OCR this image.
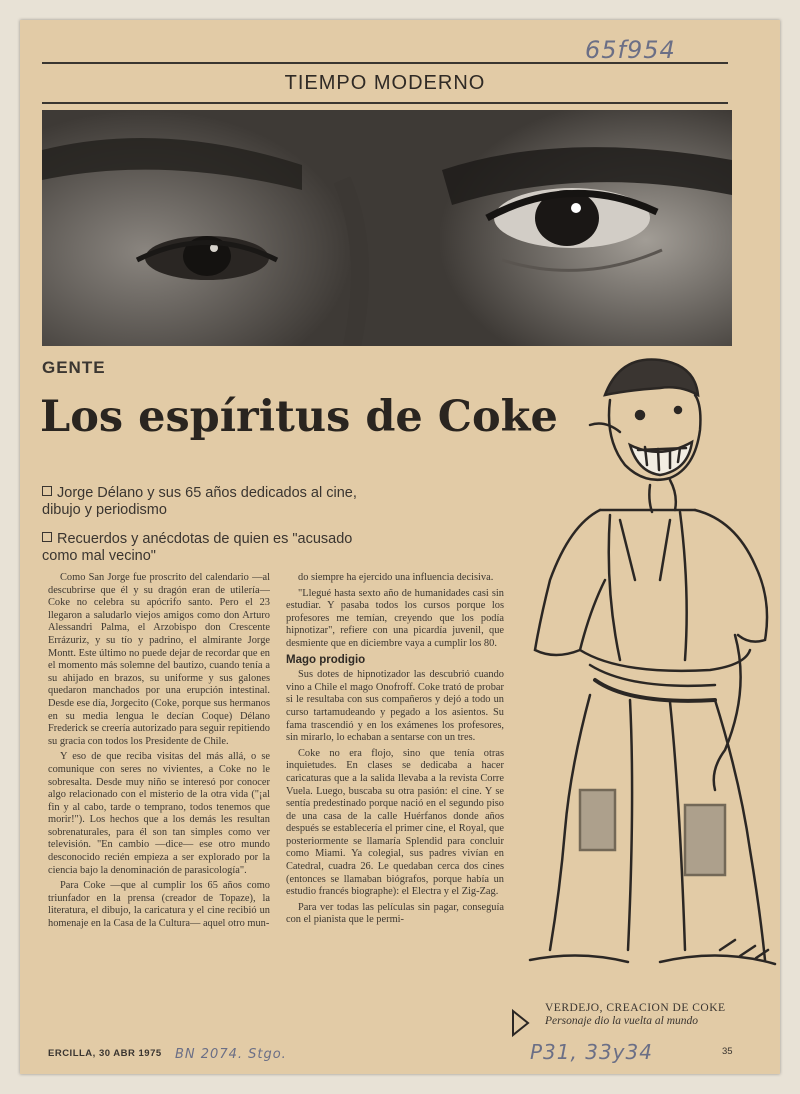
65f954
TIEMPO MODERNO
GENTE
Los espíritus de Coke
Jorge Délano y sus 65 años dedicados al cine, dibujo y periodismo
Recuerdos y anécdotas de quien es "acusado como mal vecino"

Como San Jorge fue proscrito del calendario —al descubrirse que él y su dragón eran de utilería— Coke no celebra su apócrifo santo. Pero el 23 llegaron a saludarlo viejos amigos como don Arturo Alessandri Palma, el Arzobispo don Crescente Errázuriz, y su tío y padrino, el almirante Jorge Montt. Este último no puede dejar de recordar que en el momento más solemne del bautizo, cuando tenía a su ahijado en brazos, su uniforme y sus galones quedaron manchados por una erupción intestinal. Desde ese día, Jorgecito (Coke, porque sus hermanos en su media lengua le decían Coque) Délano Frederick se creería autorizado para seguir repitiendo su gracia con todos los Presidente de Chile.

Y eso de que reciba visitas del más allá, o se comunique con seres no vivientes, a Coke no le sobresalta. Desde muy niño se interesó por conocer algo relacionado con el misterio de la otra vida ("¡al fin y al cabo, tarde o temprano, todos tenemos que morir!"). Los hechos que a los demás les resultan sobrenaturales, para él son tan simples como ver televisión. "En cambio —dice— ese otro mundo desconocido recién empieza a ser explorado por la ciencia bajo la denominación de parasicología".

Para Coke —que al cumplir los 65 años como triunfador en la prensa (creador de Topaze), la literatura, el dibujo, la caricatura y el cine recibió un homenaje en la Casa de la Cultura— aquel otro mun-

do siempre ha ejercido una influencia decisiva.

"Llegué hasta sexto año de humanidades casi sin estudiar. Y pasaba todos los cursos porque los profesores me temían, creyendo que los podía hipnotizar", refiere con una picardía juvenil, que desmiente que en diciembre vaya a cumplir los 80.

Mago prodigio

Sus dotes de hipnotizador las descubrió cuando vino a Chile el mago Onofroff. Coke trató de probar si le resultaba con sus compañeros y dejó a todo un curso tartamudeando y pegado a los asientos. Su fama trascendió y en los exámenes los profesores, sin mirarlo, lo echaban a sentarse con un tres.

Coke no era flojo, sino que tenía otras inquietudes. En clases se dedicaba a hacer caricaturas que a la salida llevaba a la revista Corre Vuela. Luego, buscaba su otra pasión: el cine. Y se sentía predestinado porque nació en el segundo piso de una casa de la calle Huérfanos donde años después se establecería el primer cine, el Royal, que posteriormente se llamaría Splendid para concluir como Miami. Ya colegial, sus padres vivían en Catedral, cuadra 26. Le quedaban cerca dos cines (entonces se llamaban biógrafos, porque había un estudio francés biographe): el Electra y el Zig-Zag.

Para ver todas las películas sin pagar, conseguía con el pianista que le permi-

VERDEJO, CREACION DE COKE
Personaje dio la vuelta al mundo
ERCILLA, 30 ABR 1975 BN 2074. Stgo.	P31, 33y34	35
